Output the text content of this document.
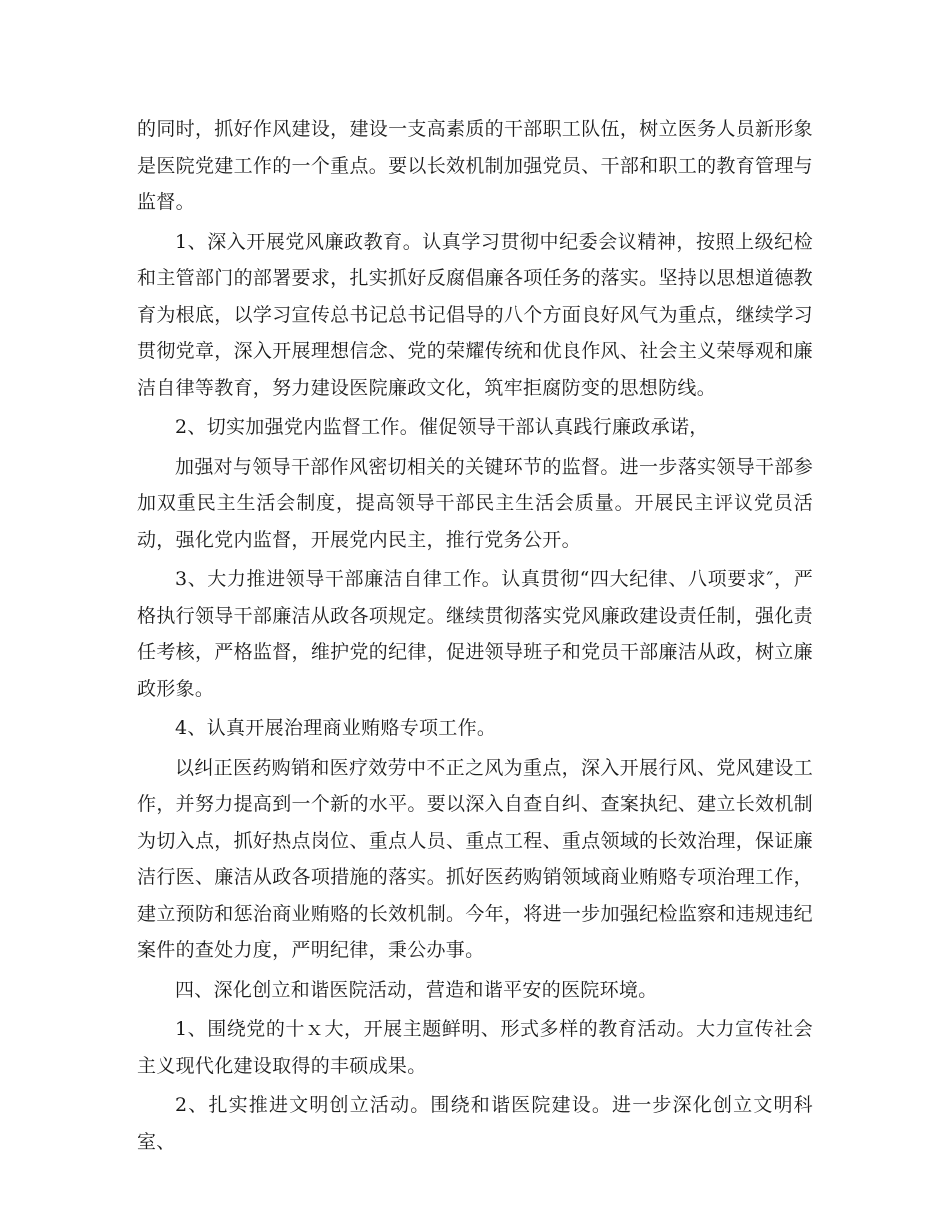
的同时，抓好作风建设，建设一支高素质的干部职工队伍，树立医务人员新形象是医院党建工作的一个重点。要以长效机制加强党员、干部和职工的教育管理与监督。

1、深入开展党风廉政教育。认真学习贯彻中纪委会议精神，按照上级纪检和主管部门的部署要求，扎实抓好反腐倡廉各项任务的落实。坚持以思想道德教育为根底，以学习宣传总书记总书记倡导的八个方面良好风气为重点，继续学习贯彻党章，深入开展理想信念、党的荣耀传统和优良作风、社会主义荣辱观和廉洁自律等教育，努力建设医院廉政文化，筑牢拒腐防变的思想防线。

2、切实加强党内监督工作。催促领导干部认真践行廉政承诺，

加强对与领导干部作风密切相关的关键环节的监督。进一步落实领导干部参加双重民主生活会制度，提高领导干部民主生活会质量。开展民主评议党员活动，强化党内监督，开展党内民主，推行党务公开。

3、大力推进领导干部廉洁自律工作。认真贯彻“四大纪律、八项要求″，严格执行领导干部廉洁从政各项规定。继续贯彻落实党风廉政建设责任制，强化责任考核，严格监督，维护党的纪律，促进领导班子和党员干部廉洁从政，树立廉政形象。

4、认真开展治理商业贿赂专项工作。

以纠正医药购销和医疗效劳中不正之风为重点，深入开展行风、党风建设工作，并努力提高到一个新的水平。要以深入自查自纠、查案执纪、建立长效机制为切入点，抓好热点岗位、重点人员、重点工程、重点领域的长效治理，保证廉洁行医、廉洁从政各项措施的落实。抓好医药购销领域商业贿赂专项治理工作，建立预防和惩治商业贿赂的长效机制。今年，将进一步加强纪检监察和违规违纪案件的查处力度，严明纪律，秉公办事。

四、深化创立和谐医院活动，营造和谐平安的医院环境。

1、围绕党的十ｘ大，开展主题鲜明、形式多样的教育活动。大力宣传社会主义现代化建设取得的丰硕成果。

2、扎实推进文明创立活动。围绕和谐医院建设。进一步深化创立文明科室、
